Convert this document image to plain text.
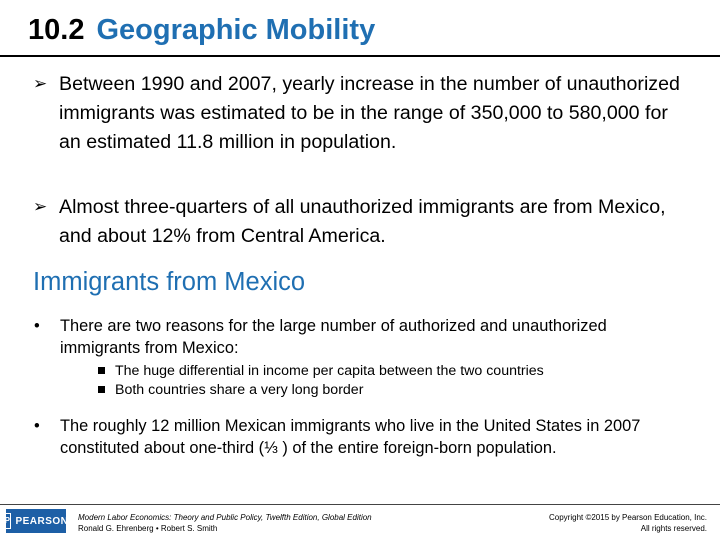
10.2 Geographic Mobility
➢ Between 1990 and 2007, yearly increase in the number of unauthorized immigrants was estimated to be in the range of 350,000 to 580,000 for an estimated 11.8 million in population.
➢ Almost three-quarters of all unauthorized immigrants are from Mexico, and about 12% from Central America.
Immigrants from Mexico
• There are two reasons for the large number of authorized and unauthorized immigrants from Mexico:
The huge differential in income per capita between the two countries
Both countries share a very long border
• The roughly 12 million Mexican immigrants who live in the United States in 2007 constituted about one-third (⅓ ) of the entire foreign-born population.
P PEARSON Modern Labor Economics: Theory and Public Policy, Twelfth Edition, Global Edition
Ronald G. Ehrenberg • Robert S. Smith
Copyright ©2015 by Pearson Education, Inc.
All rights reserved.
